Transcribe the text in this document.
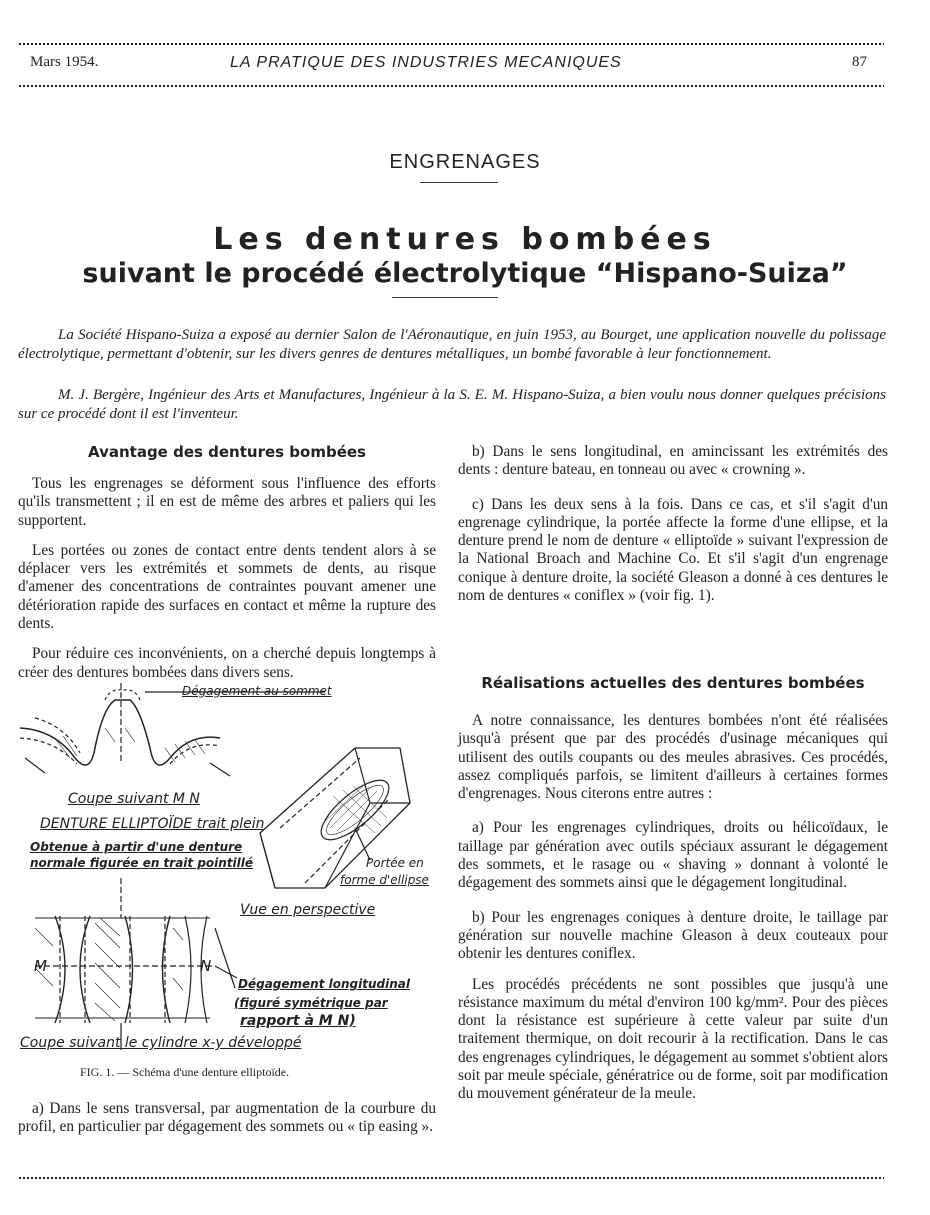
Mars 1954.	LA PRATIQUE DES INDUSTRIES MECANIQUES	87
ENGRENAGES
Les dentures bombées
suivant le procédé électrolytique “Hispano-Suiza”
La Société Hispano-Suiza a exposé au dernier Salon de l'Aéronautique, en juin 1953, au Bourget, une application nouvelle du polissage électrolytique, permettant d'obtenir, sur les divers genres de dentures métalliques, un bombé favorable à leur fonctionnement.
M. J. Bergère, Ingénieur des Arts et Manufactures, Ingénieur à la S. E. M. Hispano-Suiza, a bien voulu nous donner quelques précisions sur ce procédé dont il est l'inventeur.
Avantage des dentures bombées

Tous les engrenages se déforment sous l'influence des efforts qu'ils transmettent ; il en est de même des arbres et paliers qui les supportent.

Les portées ou zones de contact entre dents tendent alors à se déplacer vers les extrémités et sommets de dents, au risque d'amener des concentrations de contraintes pouvant amener une détérioration rapide des surfaces en contact et même la rupture des dents.

Pour réduire ces inconvénients, on a cherché depuis longtemps à créer des dentures bombées dans divers sens.

Dégagement au sommet
Coupe suivant M N
DENTURE ELLIPTOÏDE trait plein
Obtenue à partir d'une denture
normale figurée en trait pointillé	Portée en
forme d'ellipse
Vue en perspective
M	N
Dégagement longitudinal
(figuré symétrique par
rapport à M N)
Coupe suivant le cylindre x-y développé
FIG. 1. — Schéma d'une denture elliptoïde.

a) Dans le sens transversal, par augmentation de la courbure du profil, en particulier par dégagement des sommets ou « tip easing ».

b) Dans le sens longitudinal, en amincissant les extrémités des dents : denture bateau, en tonneau ou avec « crowning ».

c) Dans les deux sens à la fois. Dans ce cas, et s'il s'agit d'un engrenage cylindrique, la portée affecte la forme d'une ellipse, et la denture prend le nom de denture « elliptoïde » suivant l'expression de la National Broach and Machine Co. Et s'il s'agit d'un engrenage conique à denture droite, la société Gleason a donné à ces dentures le nom de dentures « coniflex » (voir fig. 1).

Réalisations actuelles des dentures bombées

A notre connaissance, les dentures bombées n'ont été réalisées jusqu'à présent que par des procédés d'usinage mécaniques qui utilisent des outils coupants ou des meules abrasives. Ces procédés, assez compliqués parfois, se limitent d'ailleurs à certaines formes d'engrenages. Nous citerons entre autres :

a) Pour les engrenages cylindriques, droits ou hélicoïdaux, le taillage par génération avec outils spéciaux assurant le dégagement des sommets, et le rasage ou « shaving » donnant à volonté le dégagement des sommets ainsi que le dégagement longitudinal.

b) Pour les engrenages coniques à denture droite, le taillage par génération sur nouvelle machine Gleason à deux couteaux pour obtenir les dentures coniflex.

Les procédés précédents ne sont possibles que jusqu'à une résistance maximum du métal d'environ 100 kg/mm². Pour des pièces dont la résistance est supérieure à cette valeur par suite d'un traitement thermique, on doit recourir à la rectification. Dans le cas des engrenages cylindriques, le dégagement au sommet s'obtient alors soit par meule spéciale, génératrice ou de forme, soit par modification du mouvement générateur de la meule.
